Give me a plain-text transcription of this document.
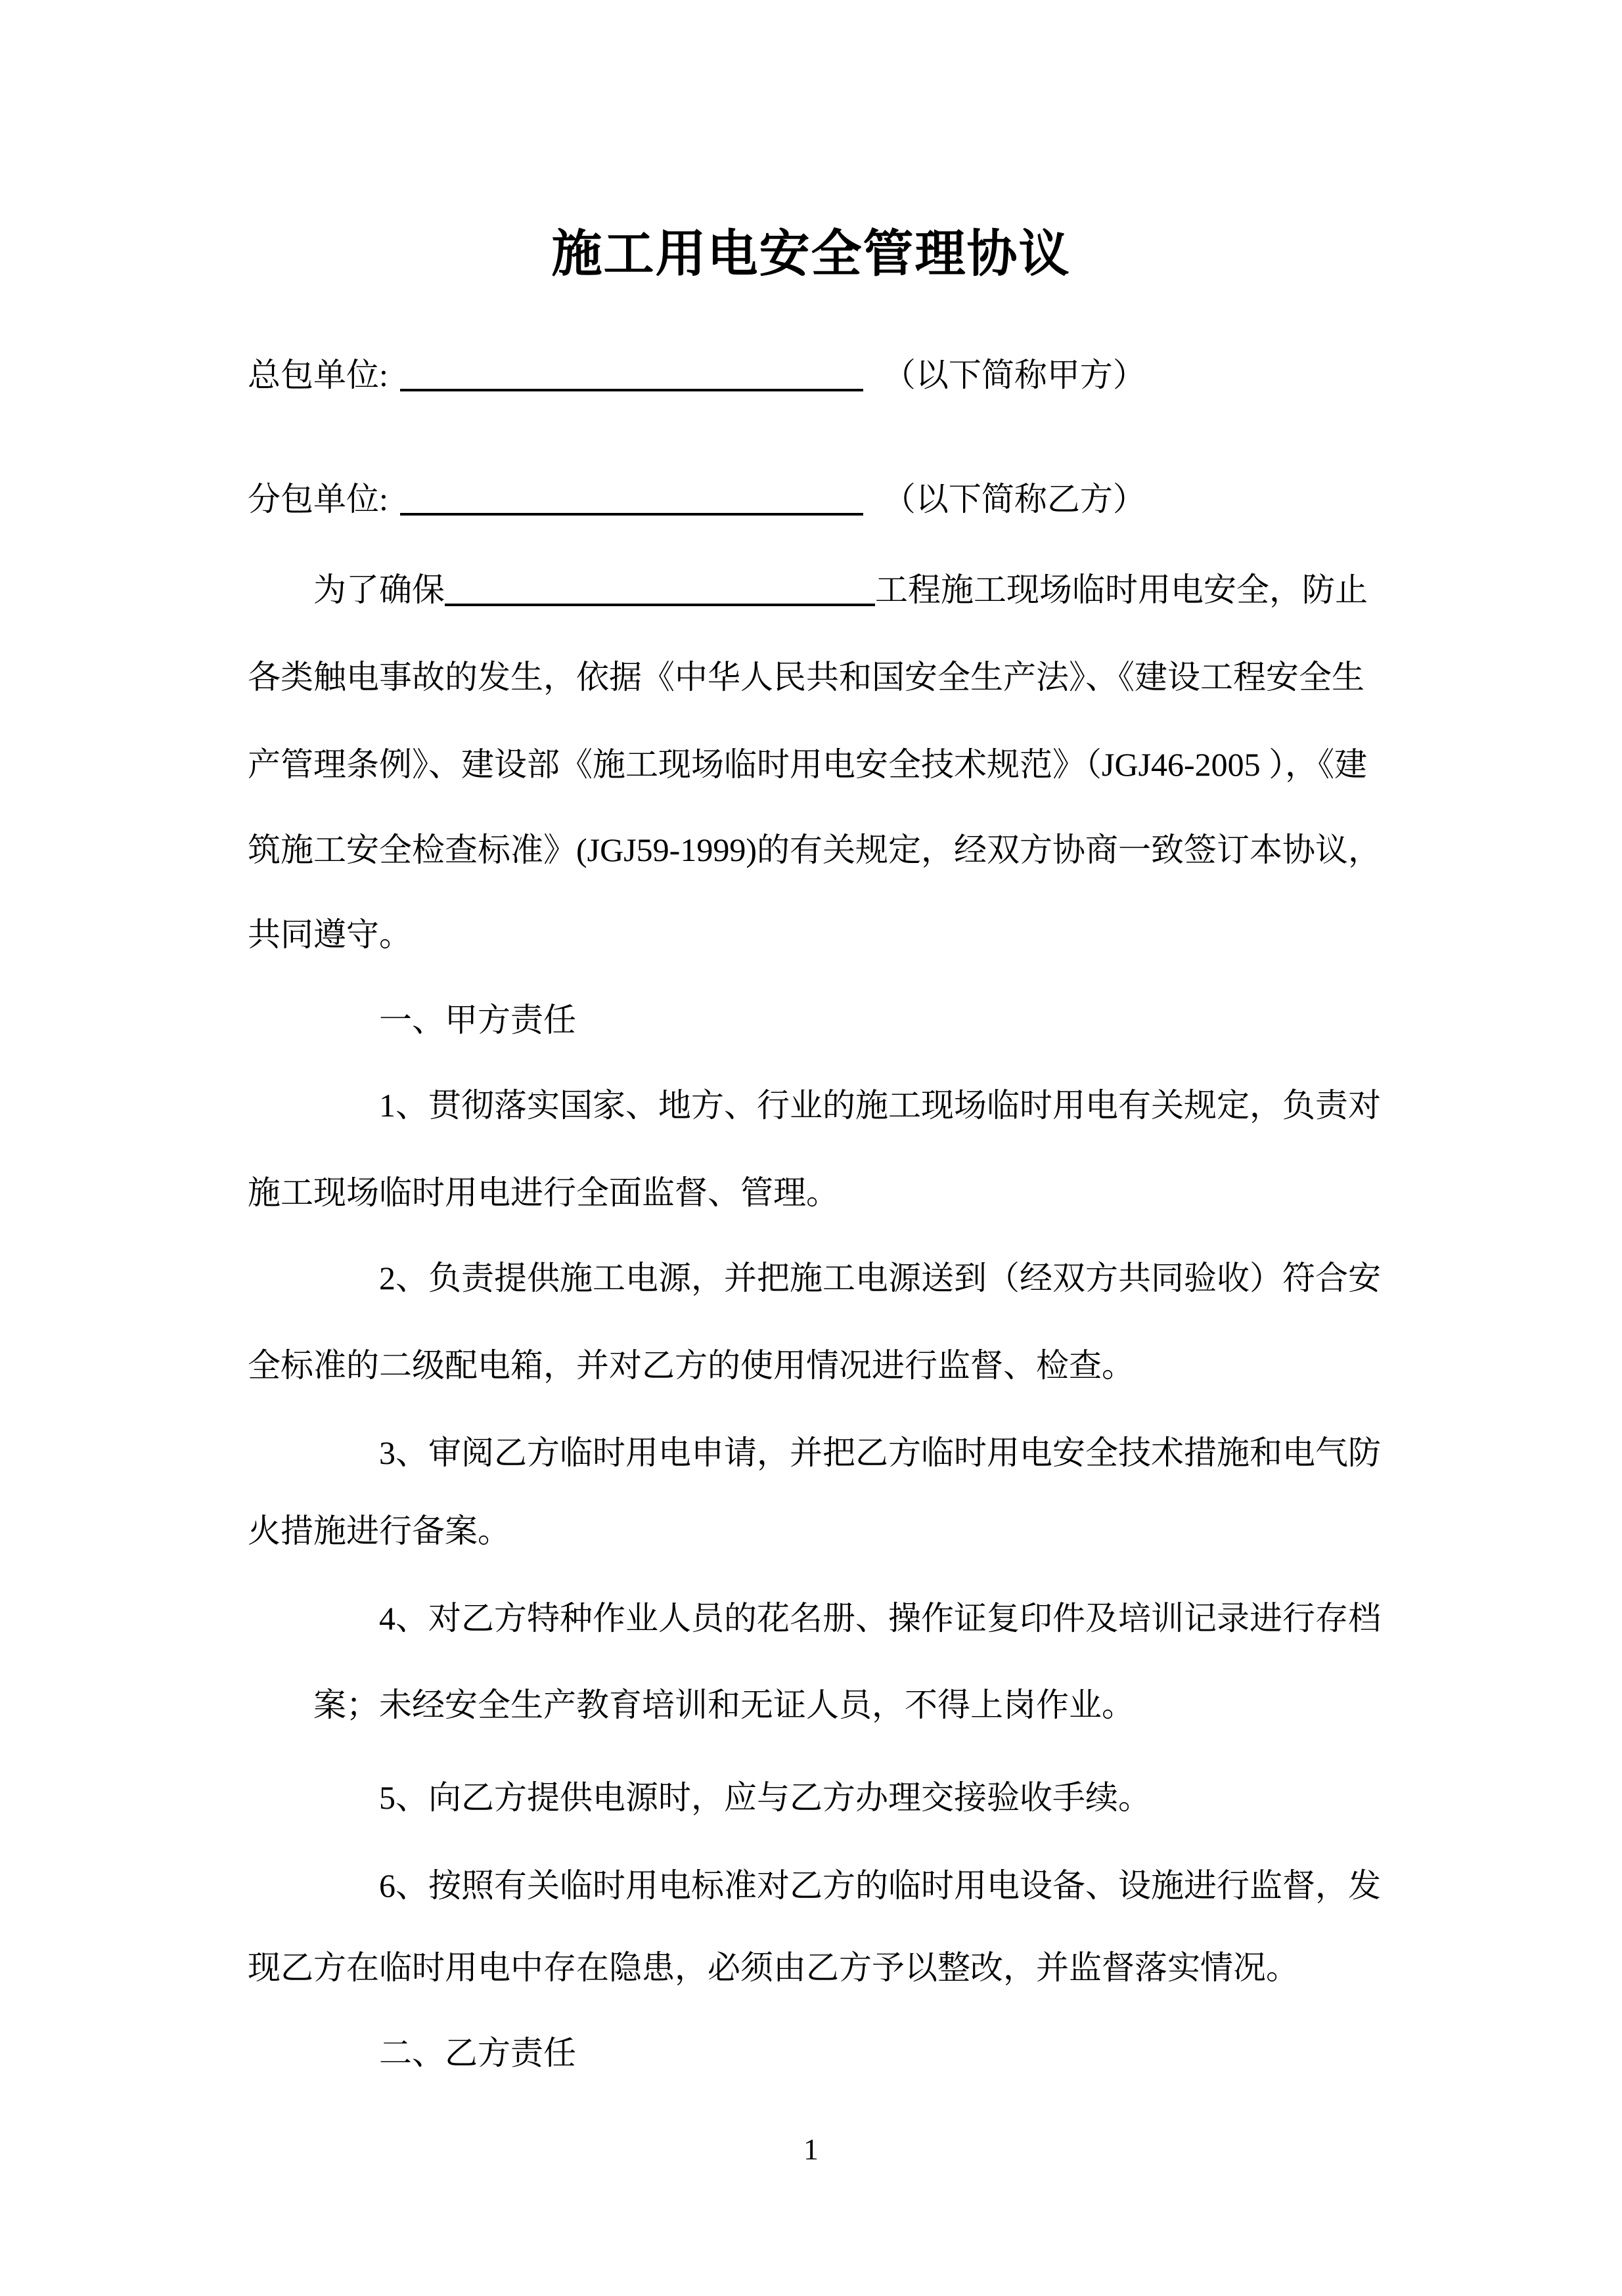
施工用电安全管理协议
总包单位:	（以下简称甲方）
分包单位:	（以下简称乙方）
为了确保	工程施工现场临时用电安全，防止
各类触电事故的发生，依据《中华人民共和国安全生产法》、《建设工程安全生
产管理条例》、建设部《施工现场临时用电安全技术规范》（JGJ46-2005 ），《建
筑施工安全检查标准》(JGJ59-1999)的有关规定，经双方协商一致签订本协议，
共同遵守。
一、甲方责任
1、贯彻落实国家、地方、行业的施工现场临时用电有关规定，负责对
施工现场临时用电进行全面监督、管理。
2、负责提供施工电源，并把施工电源送到（经双方共同验收）符合安
全标准的二级配电箱，并对乙方的使用情况进行监督、检查。
3、审阅乙方临时用电申请，并把乙方临时用电安全技术措施和电气防
火措施进行备案。
4、对乙方特种作业人员的花名册、操作证复印件及培训记录进行存档
案；未经安全生产教育培训和无证人员，不得上岗作业。
5、向乙方提供电源时，应与乙方办理交接验收手续。
6、按照有关临时用电标准对乙方的临时用电设备、设施进行监督，发
现乙方在临时用电中存在隐患，必须由乙方予以整改，并监督落实情况。
二、乙方责任
1
